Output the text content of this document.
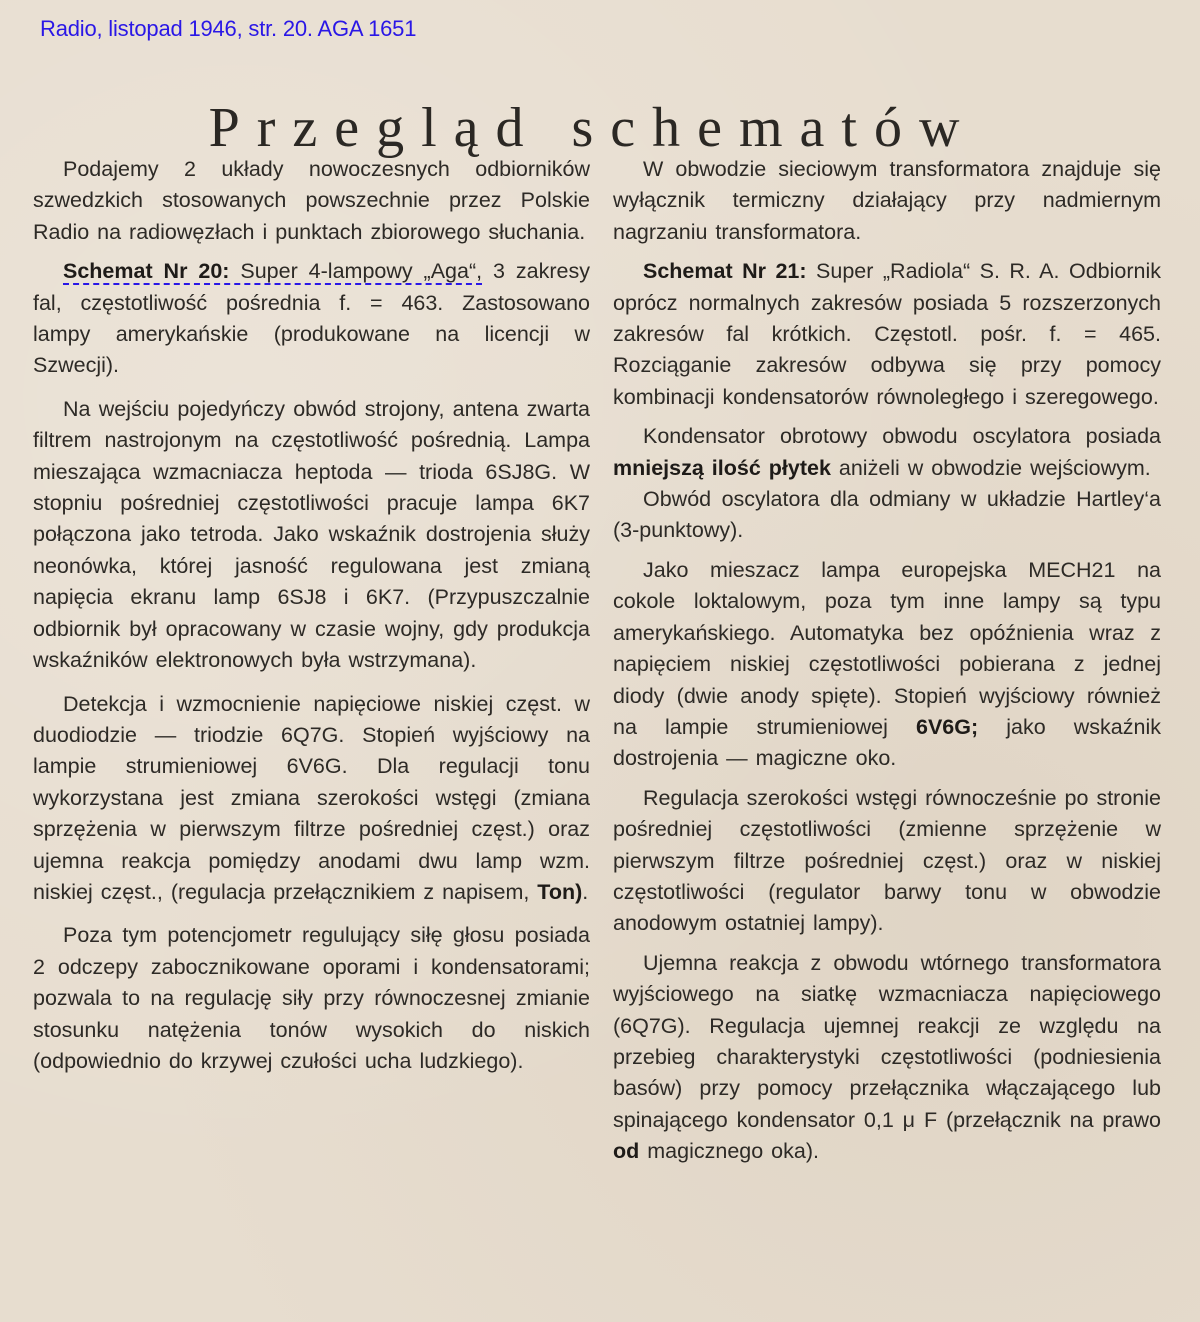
Radio, listopad 1946, str. 20. AGA 1651
Przegląd schematów

Podajemy 2 układy nowoczesnych odbiorników szwedzkich stosowanych powszechnie przez Polskie Radio na radiowęzłach i punktach zbiorowego słuchania.

Schemat Nr 20: Super 4-lampowy „Aga“, 3 zakresy fal, częstotliwość pośrednia f. = 463. Zastosowano lampy amerykańskie (produkowane na licencji w Szwecji).

Na wejściu pojedyńczy obwód strojony, antena zwarta filtrem nastrojonym na częstotliwość pośrednią. Lampa mieszająca wzmacniacza heptoda — trioda 6SJ8G. W stopniu pośredniej częstotliwości pracuje lampa 6K7 połączona jako tetroda. Jako wskaźnik dostrojenia służy neonówka, której jasność regulowana jest zmianą napięcia ekranu lamp 6SJ8 i 6K7. (Przypuszczalnie odbiornik był opracowany w czasie wojny, gdy produkcja wskaźników elektronowych była wstrzymana).

Detekcja i wzmocnienie napięciowe niskiej częst. w duodiodzie — triodzie 6Q7G. Stopień wyjściowy na lampie strumieniowej 6V6G. Dla regulacji tonu wykorzystana jest zmiana szerokości wstęgi (zmiana sprzężenia w pierwszym filtrze pośredniej częst.) oraz ujemna reakcja pomiędzy anodami dwu lamp wzm. niskiej częst., (regulacja przełącznikiem z napisem, Ton).

Poza tym potencjometr regulujący siłę głosu posiada 2 odczepy zabocznikowane oporami i kondensatorami; pozwala to na regulację siły przy równoczesnej zmianie stosunku natężenia tonów wysokich do niskich (odpowiednio do krzywej czułości ucha ludzkiego).

W obwodzie sieciowym transformatora znajduje się wyłącznik termiczny działający przy nadmiernym nagrzaniu transformatora.

Schemat Nr 21: Super „Radiola“ S. R. A. Odbiornik oprócz normalnych zakresów posiada 5 rozszerzonych zakresów fal krótkich. Częstotl. pośr. f. = 465. Rozciąganie zakresów odbywa się przy pomocy kombinacji kondensatorów równoległego i szeregowego.

Kondensator obrotowy obwodu oscylatora posiada mniejszą ilość płytek aniżeli w obwodzie wejściowym.

Obwód oscylatora dla odmiany w układzie Hartley‘a (3-punktowy).

Jako mieszacz lampa europejska MECH21 na cokole loktalowym, poza tym inne lampy są typu amerykańskiego. Automatyka bez opóźnienia wraz z napięciem niskiej częstotliwości pobierana z jednej diody (dwie anody spięte). Stopień wyjściowy również na lampie strumieniowej 6V6G; jako wskaźnik dostrojenia — magiczne oko.

Regulacja szerokości wstęgi równocześnie po stronie pośredniej częstotliwości (zmienne sprzężenie w pierwszym filtrze pośredniej częst.) oraz w niskiej częstotliwości (regulator barwy tonu w obwodzie anodowym ostatniej lampy).

Ujemna reakcja z obwodu wtórnego transformatora wyjściowego na siatkę wzmacniacza napięciowego (6Q7G). Regulacja ujemnej reakcji ze względu na przebieg charakterystyki częstotliwości (podniesienia basów) przy pomocy przełącznika włączającego lub spinającego kondensator 0,1 μ F (przełącznik na prawo od magicznego oka).
